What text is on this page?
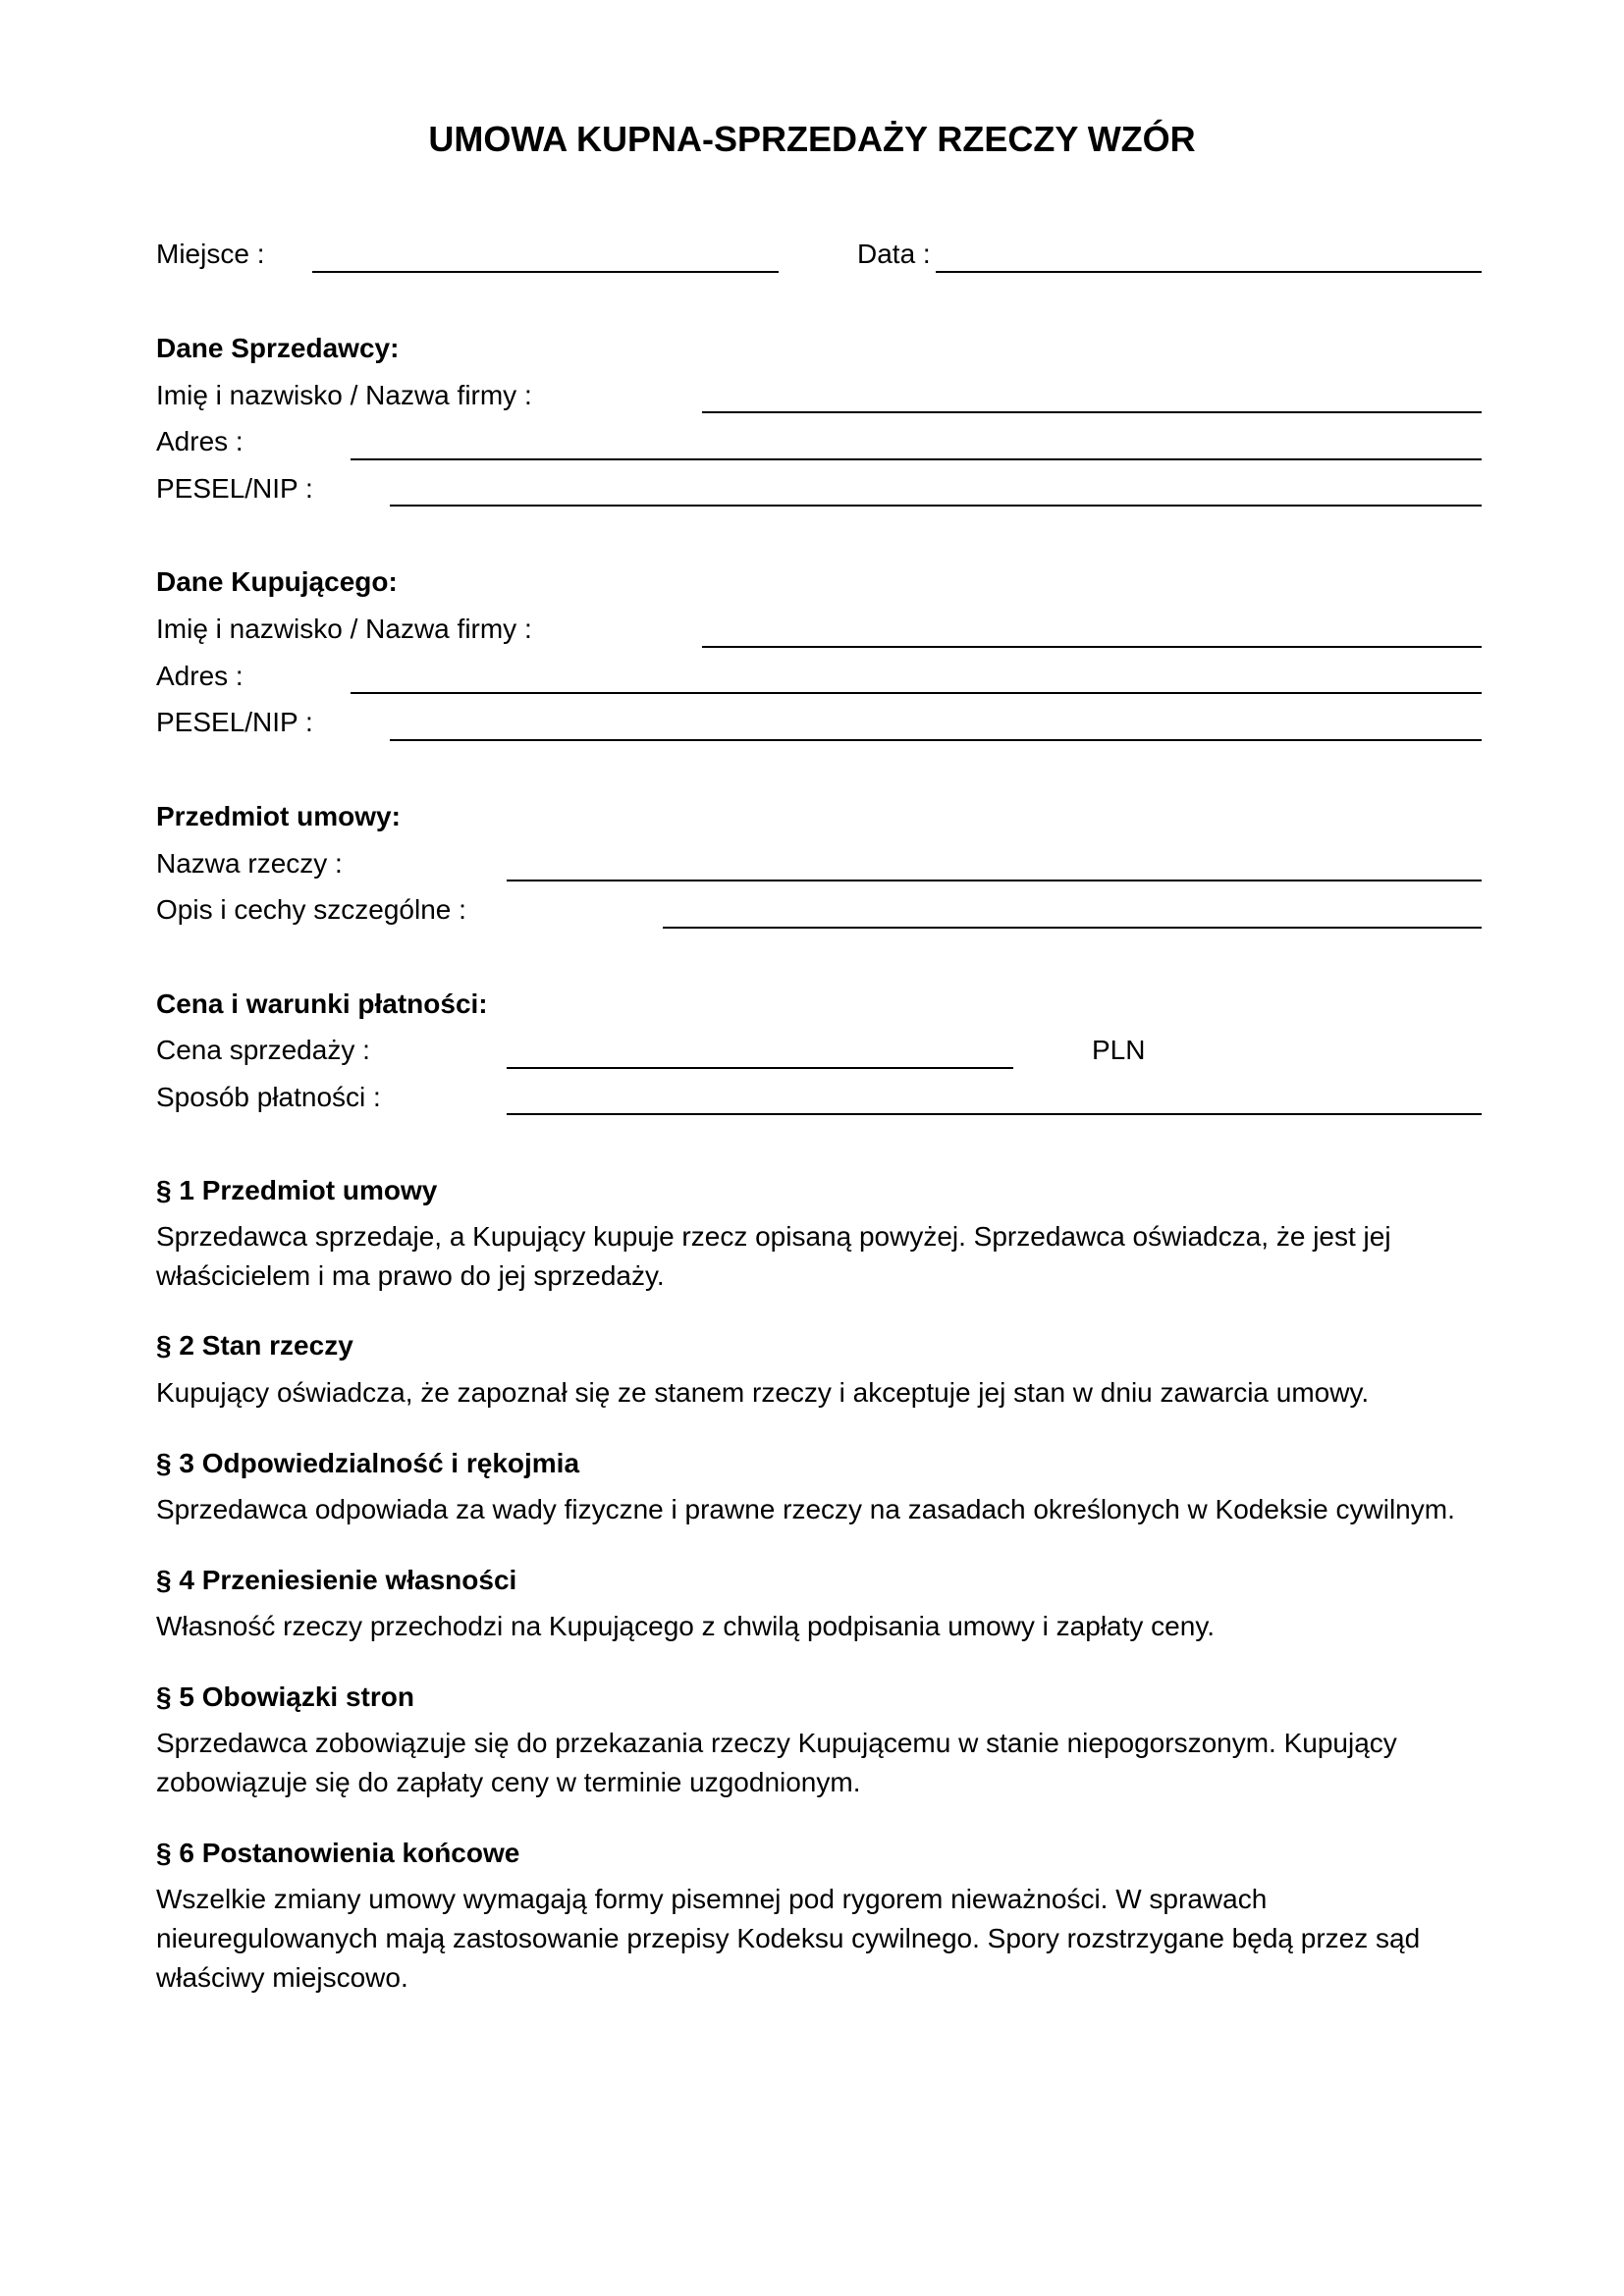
UMOWA KUPNA-SPRZEDAŻY RZECZY WZÓR
Miejsce :	Data :
Dane Sprzedawcy:
Imię i nazwisko / Nazwa firmy :
Adres :
PESEL/NIP :
Dane Kupującego:
Imię i nazwisko / Nazwa firmy :
Adres :
PESEL/NIP :
Przedmiot umowy:
Nazwa rzeczy :
Opis i cechy szczególne :
Cena i warunki płatności:
Cena sprzedaży :	PLN
Sposób płatności :
§ 1 Przedmiot umowy
Sprzedawca sprzedaje, a Kupujący kupuje rzecz opisaną powyżej. Sprzedawca oświadcza, że jest jej
właścicielem i ma prawo do jej sprzedaży.
§ 2 Stan rzeczy
Kupujący oświadcza, że zapoznał się ze stanem rzeczy i akceptuje jej stan w dniu zawarcia umowy.
§ 3 Odpowiedzialność i rękojmia
Sprzedawca odpowiada za wady fizyczne i prawne rzeczy na zasadach określonych w Kodeksie cywilnym.
§ 4 Przeniesienie własności
Własność rzeczy przechodzi na Kupującego z chwilą podpisania umowy i zapłaty ceny.
§ 5 Obowiązki stron
Sprzedawca zobowiązuje się do przekazania rzeczy Kupującemu w stanie niepogorszonym. Kupujący
zobowiązuje się do zapłaty ceny w terminie uzgodnionym.
§ 6 Postanowienia końcowe
Wszelkie zmiany umowy wymagają formy pisemnej pod rygorem nieważności. W sprawach
nieuregulowanych mają zastosowanie przepisy Kodeksu cywilnego. Spory rozstrzygane będą przez sąd
właściwy miejscowo.
